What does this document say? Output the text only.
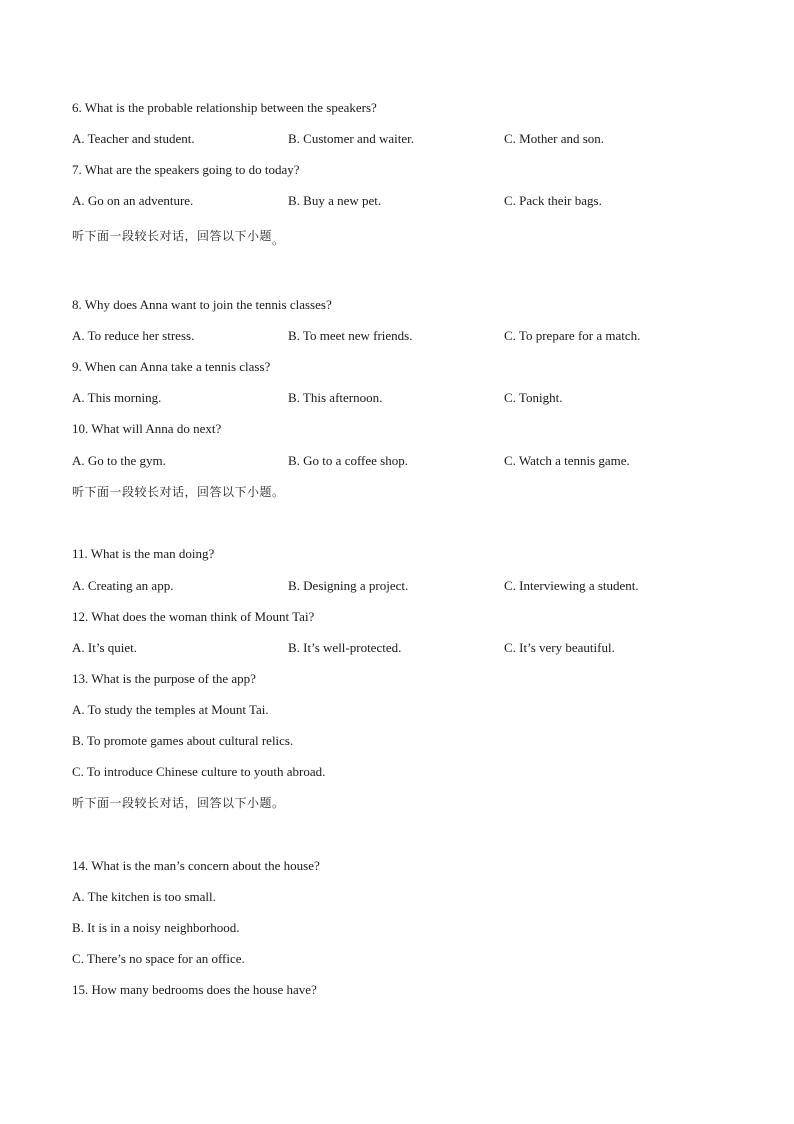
6. What is the probable relationship between the speakers?
A. Teacher and student.	B. Customer and waiter.	C. Mother and son.
7. What are the speakers going to do today?
A. Go on an adventure.	B. Buy a new pet.	C. Pack their bags.
听下面一段较长对话，回答以下小题。
8. Why does Anna want to join the tennis classes?
A. To reduce her stress.	B. To meet new friends.	C. To prepare for a match.
9. When can Anna take a tennis class?
A. This morning.	B. This afternoon.	C. Tonight.
10. What will Anna do next?
A. Go to the gym.	B. Go to a coffee shop.	C. Watch a tennis game.
听下面一段较长对话，回答以下小题。
11. What is the man doing?
A. Creating an app.	B. Designing a project.	C. Interviewing a student.
12. What does the woman think of Mount Tai?
A. It’s quiet.	B. It’s well-protected.	C. It’s very beautiful.
13. What is the purpose of the app?
A. To study the temples at Mount Tai.
B. To promote games about cultural relics.
C. To introduce Chinese culture to youth abroad.
听下面一段较长对话，回答以下小题。
14. What is the man’s concern about the house?
A. The kitchen is too small.
B. It is in a noisy neighborhood.
C. There’s no space for an office.
15. How many bedrooms does the house have?
